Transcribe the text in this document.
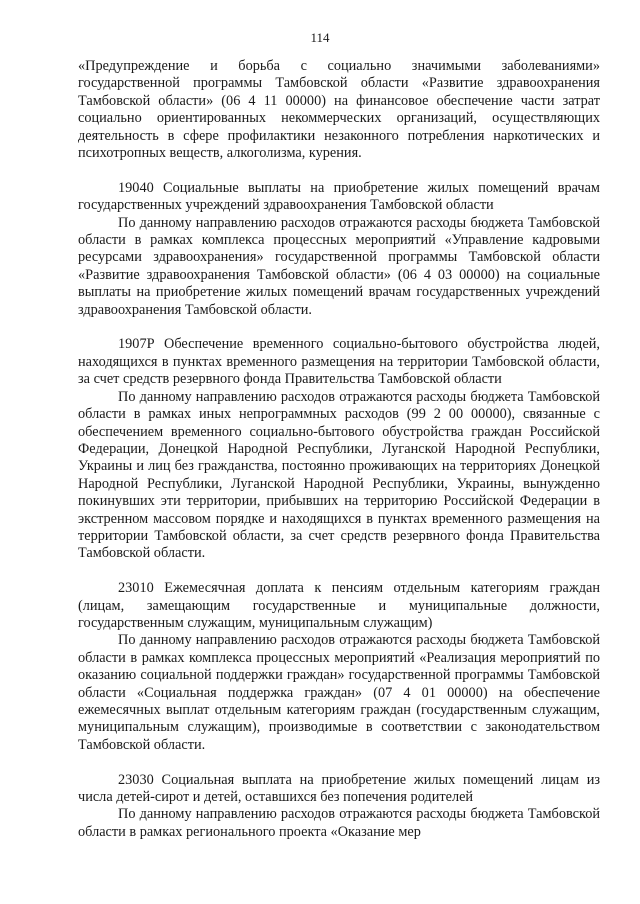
114

«Предупреждение и борьба с социально значимыми заболеваниями» государственной программы Тамбовской области «Развитие здравоохранения Тамбовской области» (06 4 11 00000) на финансовое обеспечение части затрат социально ориентированных некоммерческих организаций, осуществляющих деятельность в сфере профилактики незаконного потребления наркотических и психотропных веществ, алкоголизма, курения.

19040 Социальные выплаты на приобретение жилых помещений врачам государственных учреждений здравоохранения Тамбовской области

По данному направлению расходов отражаются расходы бюджета Тамбовской области в рамках комплекса процессных мероприятий «Управление кадровыми ресурсами здравоохранения» государственной программы Тамбовской области «Развитие здравоохранения Тамбовской области» (06 4 03 00000) на социальные выплаты на приобретение жилых помещений врачам государственных учреждений здравоохранения Тамбовской области.

1907Р Обеспечение временного социально-бытового обустройства людей, находящихся в пунктах временного размещения на территории Тамбовской области, за счет средств резервного фонда Правительства Тамбовской области

По данному направлению расходов отражаются расходы бюджета Тамбовской области в рамках иных непрограммных расходов (99 2 00 00000), связанные с обеспечением временного социально-бытового обустройства граждан Российской Федерации, Донецкой Народной Республики, Луганской Народной Республики, Украины и лиц без гражданства, постоянно проживающих на территориях Донецкой Народной Республики, Луганской Народной Республики, Украины, вынужденно покинувших эти территории, прибывших на территорию Российской Федерации в экстренном массовом порядке и находящихся в пунктах временного размещения на территории Тамбовской области, за счет средств резервного фонда Правительства Тамбовской области.

23010 Ежемесячная доплата к пенсиям отдельным категориям граждан (лицам, замещающим государственные и муниципальные должности, государственным служащим, муниципальным служащим)

По данному направлению расходов отражаются расходы бюджета Тамбовской области в рамках комплекса процессных мероприятий «Реализация мероприятий по оказанию социальной поддержки граждан» государственной программы Тамбовской области «Социальная поддержка граждан» (07 4 01 00000) на обеспечение ежемесячных выплат отдельным категориям граждан (государственным служащим, муниципальным служащим), производимые в соответствии с законодательством Тамбовской области.

23030 Социальная выплата на приобретение жилых помещений лицам из числа детей-сирот и детей, оставшихся без попечения родителей

По данному направлению расходов отражаются расходы бюджета Тамбовской области в рамках регионального проекта «Оказание мер
